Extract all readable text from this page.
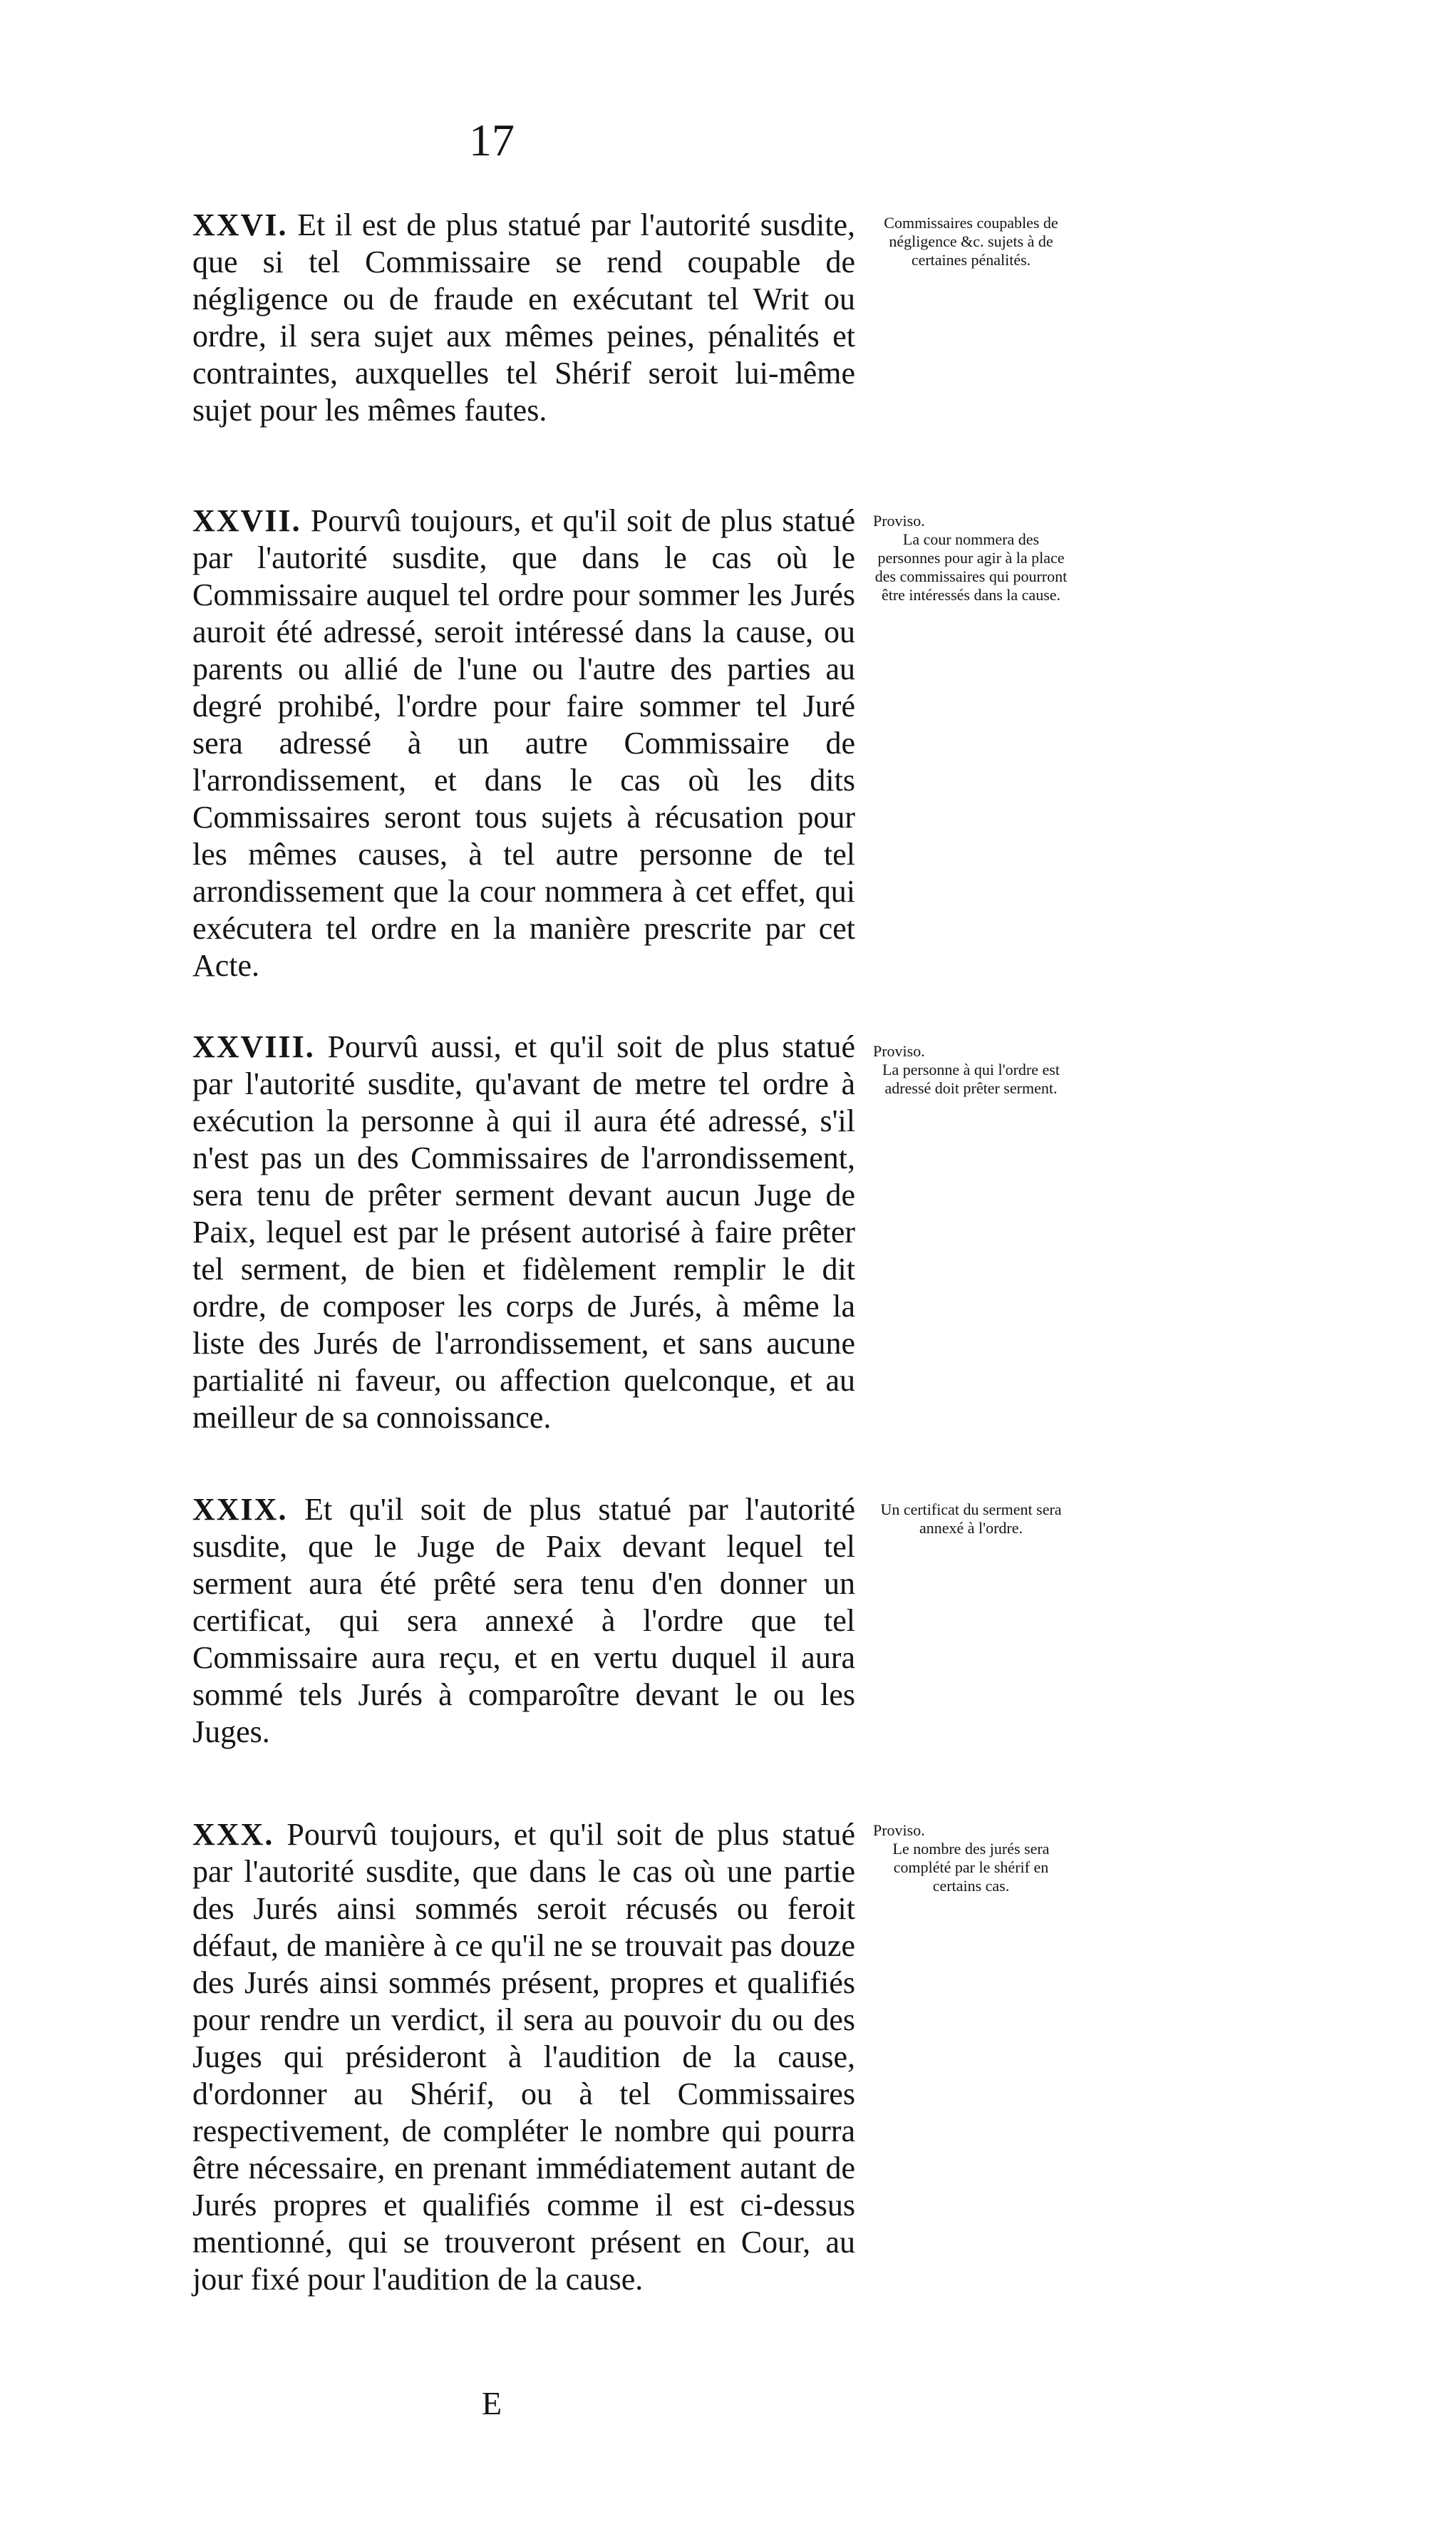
17
XXVI. Et il est de plus statué par l'autorité susdite, que si tel Commissaire se rend coupable de négligence ou de fraude en exécutant tel Writ ou ordre, il sera sujet aux mêmes peines, pénalités et contraintes, auxquelles tel Shérif seroit lui-même sujet pour les mêmes fautes.
Commissaires coupables de négligence &c. sujets à de certaines pénalités.
XXVII. Pourvû toujours, et qu'il soit de plus statué par l'autorité susdite, que dans le cas où le Commissaire auquel tel ordre pour sommer les Jurés auroit été adressé, seroit intéressé dans la cause, ou parents ou allié de l'une ou l'autre des parties au degré prohibé, l'ordre pour faire sommer tel Juré sera adressé à un autre Commissaire de l'arrondissement, et dans le cas où les dits Commissaires seront tous sujets à récusation pour les mêmes causes, à tel autre personne de tel arrondissement que la cour nommera à cet effet, qui exécutera tel ordre en la manière prescrite par cet Acte.
Proviso.
La cour nommera des personnes pour agir à la place des commissaires qui pourront être intéressés dans la cause.
XXVIII. Pourvû aussi, et qu'il soit de plus statué par l'autorité susdite, qu'avant de metre tel ordre à exécution la personne à qui il aura été adressé, s'il n'est pas un des Commissaires de l'arrondissement, sera tenu de prêter serment devant aucun Juge de Paix, lequel est par le présent autorisé à faire prêter tel serment, de bien et fidèlement remplir le dit ordre, de composer les corps de Jurés, à même la liste des Jurés de l'arrondissement, et sans aucune partialité ni faveur, ou affection quelconque, et au meilleur de sa connoissance.
Proviso.
La personne à qui l'ordre est adressé doit prêter serment.
XXIX. Et qu'il soit de plus statué par l'autorité susdite, que le Juge de Paix devant lequel tel serment aura été prêté sera tenu d'en donner un certificat, qui sera annexé à l'ordre que tel Commissaire aura reçu, et en vertu duquel il aura sommé tels Jurés à comparoître devant le ou les Juges.
Un certificat du serment sera annexé à l'ordre.
XXX. Pourvû toujours, et qu'il soit de plus statué par l'autorité susdite, que dans le cas où une partie des Jurés ainsi sommés seroit récusés ou feroit défaut, de manière à ce qu'il ne se trouvait pas douze des Jurés ainsi sommés présent, propres et qualifiés pour rendre un verdict, il sera au pouvoir du ou des Juges qui présideront à l'audition de la cause, d'ordonner au Shérif, ou à tel Commissaires respectivement, de compléter le nombre qui pourra être nécessaire, en prenant immédiatement autant de Jurés propres et qualifiés comme il est ci-dessus mentionné, qui se trouveront présent en Cour, au jour fixé pour l'audition de la cause.
Proviso.
Le nombre des jurés sera complété par le shérif en certains cas.
E
